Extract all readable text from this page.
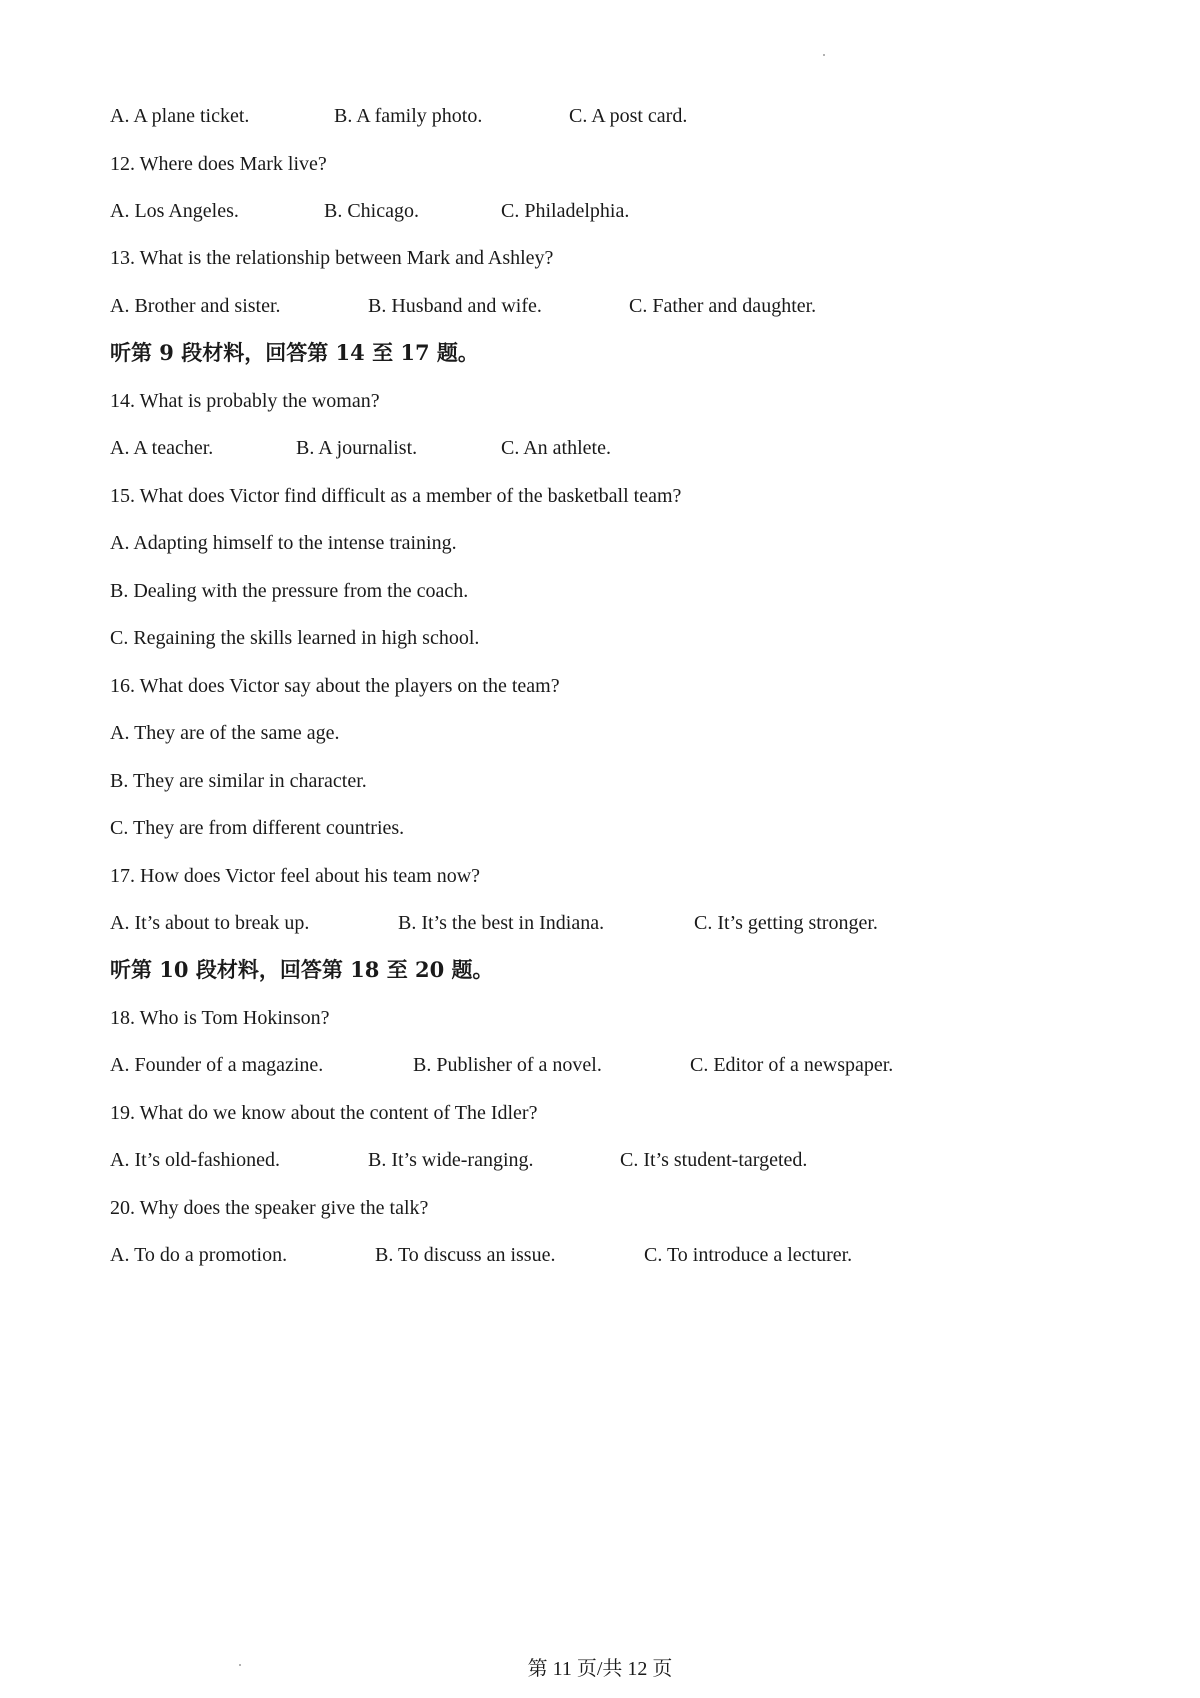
A. A plane ticket.	B. A family photo.	C. A post card.
12. Where does Mark live?
A. Los Angeles.	B. Chicago.	C. Philadelphia.
13. What is the relationship between Mark and Ashley?
A. Brother and sister.	B. Husband and wife.	C. Father and daughter.
听第 9 段材料，回答第 14 至 17 题。
14. What is probably the woman?
A. A teacher.	B. A journalist.	C. An athlete.
15. What does Victor find difficult as a member of the basketball team?
A. Adapting himself to the intense training.
B. Dealing with the pressure from the coach.
C. Regaining the skills learned in high school.
16. What does Victor say about the players on the team?
A. They are of the same age.
B. They are similar in character.
C. They are from different countries.
17. How does Victor feel about his team now?
A. It’s about to break up.	B. It’s the best in Indiana.	C. It’s getting stronger.
听第 10 段材料，回答第 18 至 20 题。
18. Who is Tom Hokinson?
A. Founder of a magazine.	B. Publisher of a novel.	C. Editor of a newspaper.
19. What do we know about the content of The Idler?
A. It’s old-fashioned.	B. It’s wide-ranging.	C. It’s student-targeted.
20. Why does the speaker give the talk?
A. To do a promotion.	B. To discuss an issue.	C. To introduce a lecturer.
第 11 页/共 12 页
